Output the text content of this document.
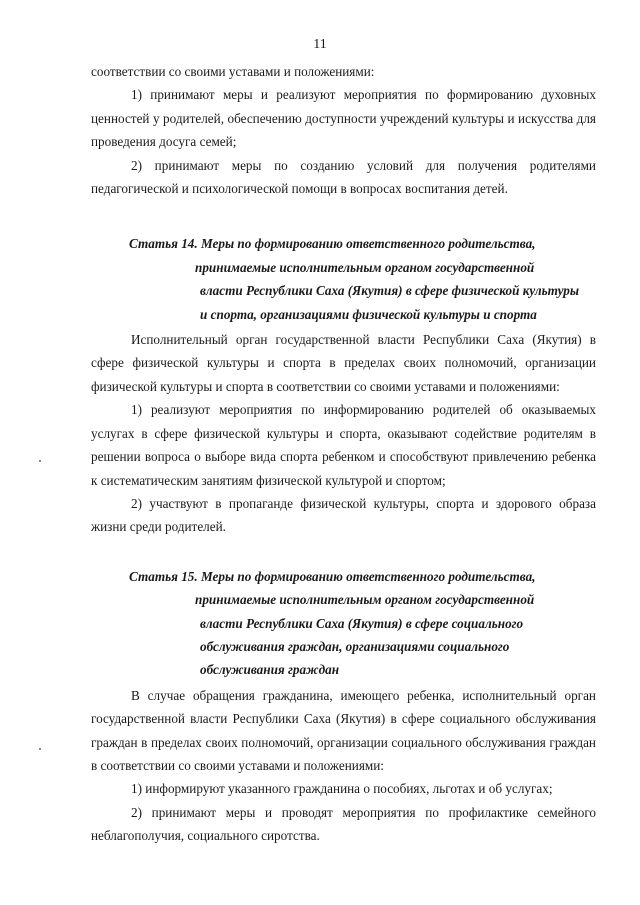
11

соответствии со своими уставами и положениями:

1) принимают меры и реализуют мероприятия по формированию духовных ценностей у родителей, обеспечению доступности учреждений культуры и искусства для проведения досуга семей;

2) принимают меры по созданию условий для получения родителями педагогической и психологической помощи в вопросах воспитания детей.

Статья 14. Меры по формированию ответственного родительства,
принимаемые исполнительным органом государственной
власти Республики Саха (Якутия) в сфере физической культуры
и спорта, организациями физической культуры и спорта

Исполнительный орган государственной власти Республики Саха (Якутия) в сфере физической культуры и спорта в пределах своих полномочий, организации физической культуры и спорта в соответствии со своими уставами и положениями:

1) реализуют мероприятия по информированию родителей об оказываемых услугах в сфере физической культуры и спорта, оказывают содействие родителям в решении вопроса о выборе вида спорта ребенком и способствуют привлечению ребенка к систематическим занятиям физической культурой и спортом;

2) участвуют в пропаганде физической культуры, спорта и здорового образа жизни среди родителей.

Статья 15. Меры по формированию ответственного родительства,
принимаемые исполнительным органом государственной
власти Республики Саха (Якутия) в сфере социального
обслуживания граждан, организациями социального
обслуживания граждан

В случае обращения гражданина, имеющего ребенка, исполнительный орган государственной власти Республики Саха (Якутия) в сфере социального обслуживания граждан в пределах своих полномочий, организации социального обслуживания граждан в соответствии со своими уставами и положениями:

1) информируют указанного гражданина о пособиях, льготах и об услугах;

2) принимают меры и проводят мероприятия по профилактике семейного неблагополучия, социального сиротства.
